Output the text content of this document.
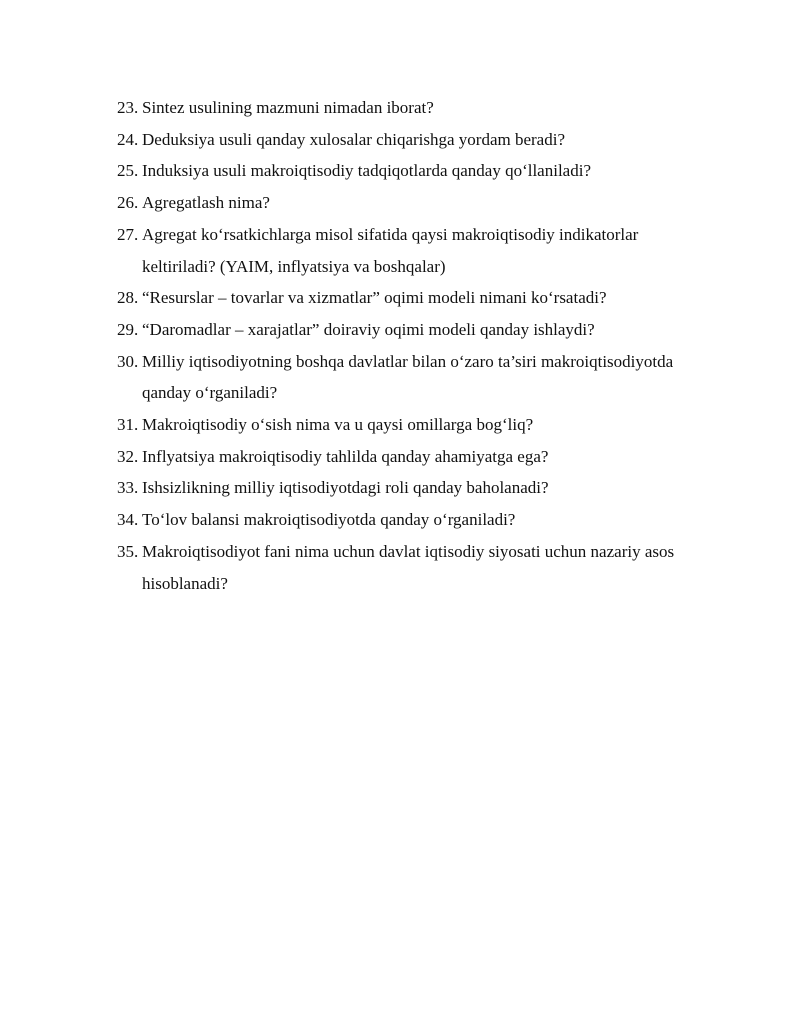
23. Sintez usulining mazmuni nimadan iborat?
24. Deduksiya usuli qanday xulosalar chiqarishga yordam beradi?
25. Induksiya usuli makroiqtisodiy tadqiqotlarda qanday qo‘llaniladi?
26. Agregatlash nima?
27. Agregat ko‘rsatkichlarga misol sifatida qaysi makroiqtisodiy indikatorlar keltiriladi? (YAIM, inflyatsiya va boshqalar)
28. “Resurslar – tovarlar va xizmatlar” oqimi modeli nimani ko‘rsatadi?
29. “Daromadlar – xarajatlar” doiraviy oqimi modeli qanday ishlaydi?
30. Milliy iqtisodiyotning boshqa davlatlar bilan o‘zaro ta’siri makroiqtisodiyotda qanday o‘rganiladi?
31. Makroiqtisodiy o‘sish nima va u qaysi omillarga bog‘liq?
32. Inflyatsiya makroiqtisodiy tahlilda qanday ahamiyatga ega?
33. Ishsizlikning milliy iqtisodiyotdagi roli qanday baholanadi?
34. To‘lov balansi makroiqtisodiyotda qanday o‘rganiladi?
35. Makroiqtisodiyot fani nima uchun davlat iqtisodiy siyosati uchun nazariy asos hisoblanadi?
